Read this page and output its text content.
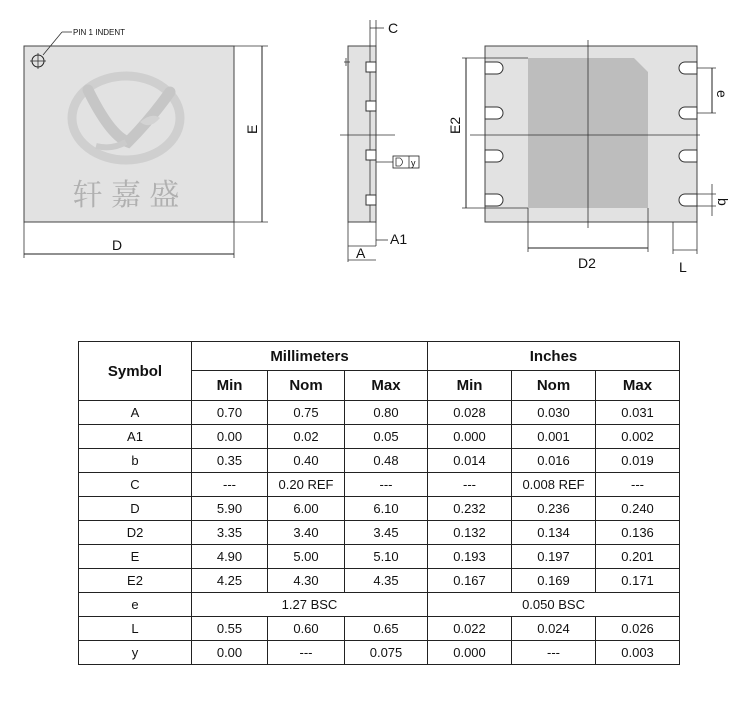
PIN 1 INDENT
轩 嘉 盛
E
D
C
y
A1
A
E2
D2
e
b
L
Symbol	Millimeters			Inches		
	Min	Nom	Max	Min	Nom	Max
A	0.70	0.75	0.80	0.028	0.030	0.031
A1	0.00	0.02	0.05	0.000	0.001	0.002
b	0.35	0.40	0.48	0.014	0.016	0.019
C	---	0.20 REF	---	---	0.008 REF	---
D	5.90	6.00	6.10	0.232	0.236	0.240
D2	3.35	3.40	3.45	0.132	0.134	0.136
E	4.90	5.00	5.10	0.193	0.197	0.201
E2	4.25	4.30	4.35	0.167	0.169	0.171
e	1.27 BSC			0.050 BSC		
L	0.55	0.60	0.65	0.022	0.024	0.026
y	0.00	---	0.075	0.000	---	0.003
